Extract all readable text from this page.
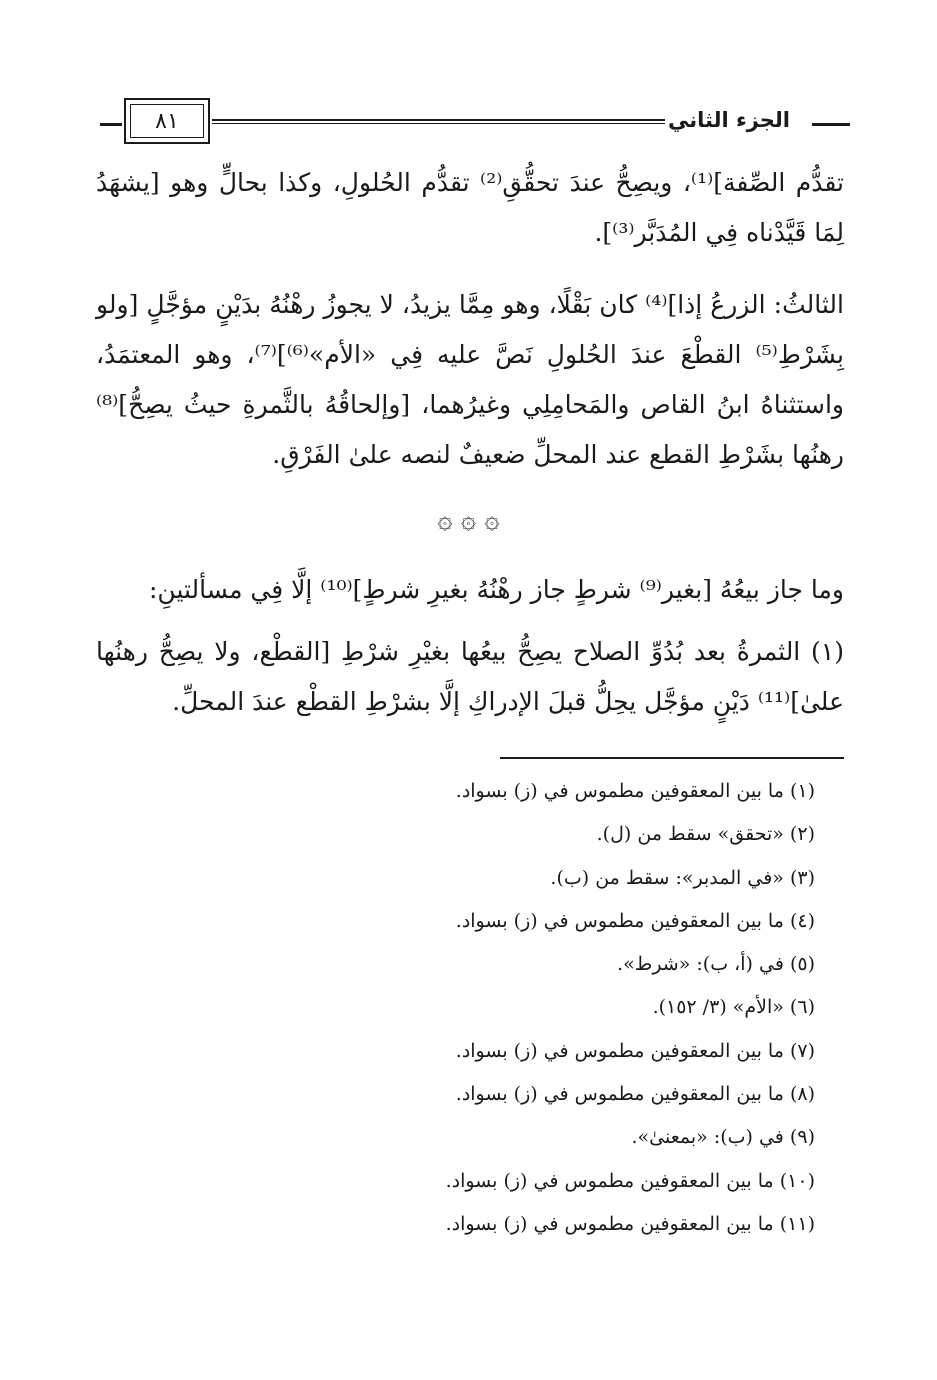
الجزء الثاني
٨١

تقدُّم الصِّفة]⁽¹⁾، ويصِحُّ عندَ تحقُّقِ⁽²⁾ تقدُّم الحُلولِ، وكذا بحالٍّ وهو [يشهَدُ لِمَا قَيَّدْناه فِي المُدَبَّر⁽³⁾].

الثالثُ: الزرعُ إذا]⁽⁴⁾ كان بَقْلًا، وهو مِمَّا يزيدُ، لا يجوزُ رهْنُهُ بدَيْنٍ مؤجَّلٍ [ولو بِشَرْطِ⁽⁵⁾ القطْعَ عندَ الحُلولِ نَصَّ عليه فِي «الأم»⁽⁶⁾]⁽⁷⁾، وهو المعتمَدُ، واستثناهُ ابنُ القاص والمَحامِلِي وغيرُهما، [وإلحاقُهُ بالثَّمرةِ حيثُ يصِحُّ]⁽⁸⁾ رهنُها بشَرْطِ القطع عند المحلِّ ضعيفٌ لنصه علىٰ الفَرْقِ.

۞ ۞ ۞

وما جاز بيعُهُ [بغير⁽⁹⁾ شرطٍ جاز رهْنُهُ بغيرِ شرطٍ]⁽¹⁰⁾ إلَّا فِي مسألتينِ:

(١) الثمرةُ بعد بُدُوِّ الصلاح يصِحُّ بيعُها بغيْرِ شرْطِ [القطْع، ولا يصِحُّ رهنُها علىٰ]⁽¹¹⁾ دَيْنٍ مؤجَّل يحِلُّ قبلَ الإدراكِ إلَّا بشرْطِ القطْع عندَ المحلِّ.

(١) ما بين المعقوفين مطموس في (ز) بسواد.
(٢) «تحقق» سقط من (ل).
(٣) «في المدبر»: سقط من (ب).
(٤) ما بين المعقوفين مطموس في (ز) بسواد.
(٥) في (أ، ب): «شرط».
(٦) «الأم» (٣/ ١٥٢).
(٧) ما بين المعقوفين مطموس في (ز) بسواد.
(٨) ما بين المعقوفين مطموس في (ز) بسواد.
(٩) في (ب): «بمعنىٰ».
(١٠) ما بين المعقوفين مطموس في (ز) بسواد.
(١١) ما بين المعقوفين مطموس في (ز) بسواد.
